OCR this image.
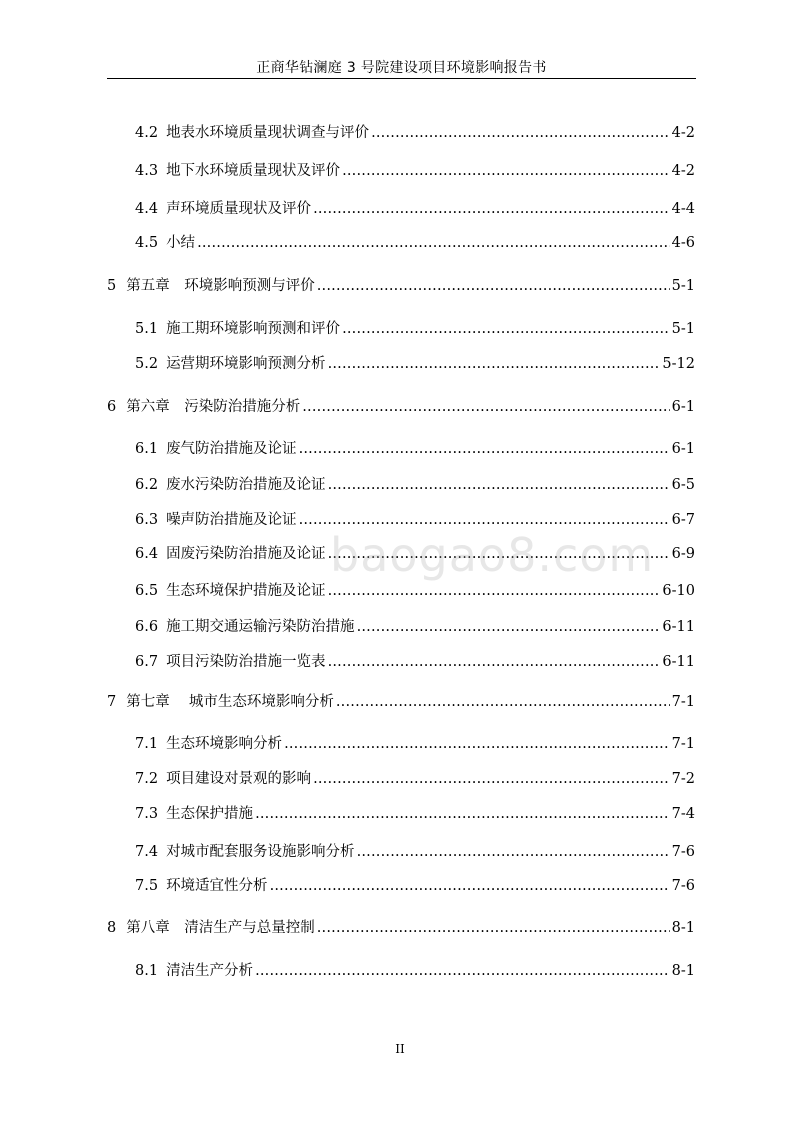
正商华钻澜庭 3 号院建设项目环境影响报告书
4.2 地表水环境质量现状调查与评价 .....	4-2
4.3 地下水环境质量现状及评价 .....	4-2
4.4 声环境质量现状及评价 .....	4-4
4.5 小结 .....	4-6
5 第五章　环境影响预测与评价 .....	5-1
5.1 施工期环境影响预测和评价 .....	5-1
5.2 运营期环境影响预测分析 .....	5-12
6 第六章　污染防治措施分析 .....	6-1
6.1 废气防治措施及论证 .....	6-1
6.2 废水污染防治措施及论证 .....	6-5
6.3 噪声防治措施及论证 .....	6-7
6.4 固废污染防治措施及论证 .....	6-9
6.5 生态环境保护措施及论证 .....	6-10
6.6 施工期交通运输污染防治措施 .....	6-11
6.7 项目污染防治措施一览表 .....	6-11
7 第七章　 城市生态环境影响分析 .....	7-1
7.1 生态环境影响分析 .....	7-1
7.2 项目建设对景观的影响 .....	7-2
7.3 生态保护措施 .....	7-4
7.4 对城市配套服务设施影响分析 .....	7-6
7.5 环境适宜性分析 .....	7-6
8 第八章　清洁生产与总量控制 .....	8-1
8.1 清洁生产分析 .....	8-1
baogao8.com
II
